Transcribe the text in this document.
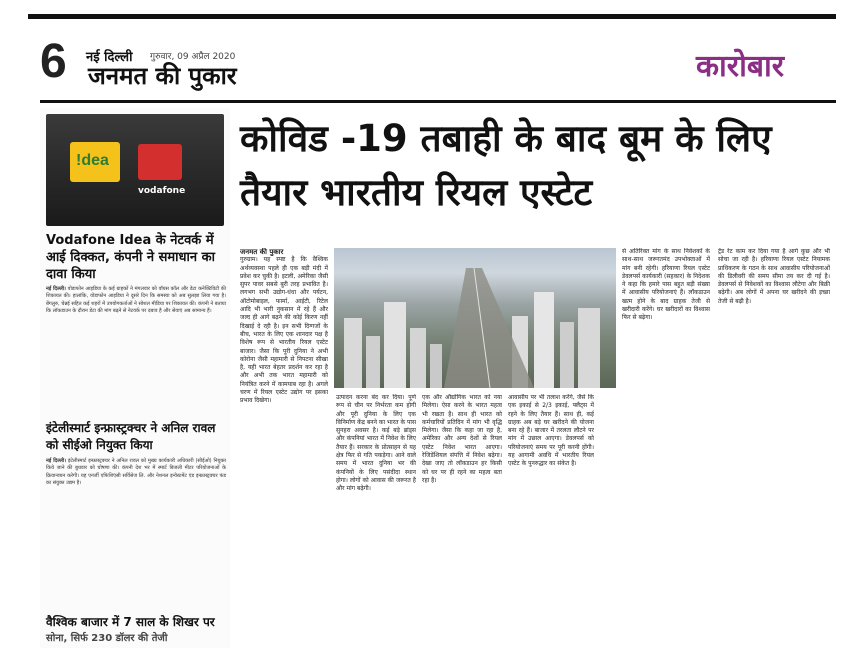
6 नई दिल्ली गुरुवार, 09 अप्रैल 2020
जनमत की पुकार	कारोबार
!dea
vodafone
Vodafone Idea के नेटवर्क में आई दिक्कत, कंपनी ने समाधान का दावा किया
नई दिल्ली। वोडाफोन आइडिया के कई ग्राहकों ने मंगलवार को वॉयस कॉल और डेटा कनेक्टिविटी की शिकायत की। हालांकि, वोडाफोन आइडिया ने दूसरे दिन कि समस्या को अब सुलझा लिया गया है। बेंगलुरु, चेन्नई सहित कई शहरों में उपयोगकर्ताओं ने सोशल मीडिया पर शिकायत की। कंपनी ने बताया कि लॉकडाउन के दौरान डेटा की मांग बढ़ने से नेटवर्क पर दबाव है और सेवाएं अब सामान्य हैं।
इंटेलीस्मार्ट इन्फ्रास्ट्रक्चर ने अनिल रावल को सीईओ नियुक्त किया
नई दिल्ली। इंटेलीस्मार्ट इन्फ्रास्ट्रक्चर ने अनिल रावल को मुख्य कार्यकारी अधिकारी (सीईओ) नियुक्त किये जाने की बुधवार को घोषणा की। कंपनी देश भर में स्मार्ट बिजली मीटर परियोजनाओं के क्रियान्वयन करेगी। यह एनर्जी एफिशिएंसी सर्विसेज लि. और नेशनल इन्वेस्टमेंट एंड इन्फ्रास्ट्रक्चर फंड का संयुक्त उद्यम है।
वैश्विक बाजार में 7 साल के शिखर पर
सोना, सिर्फ 230 डॉलर की तेजी
कोविड -19 तबाही के बाद बूम के लिए तैयार भारतीय रियल एस्टेट
जनमत की पुकार
गुरुग्राम। यह स्पष्ट है कि वैश्विक अर्थव्यवस्था पहले ही एक बड़ी मंदी में प्रवेश कर चुकी है। इटली, अमेरिका जैसी सुपर पावर सबसे बुरी तरह प्रभावित है। लगभग सभी उद्योग-धंधा और पर्यटन, ऑटोमोबाइल, फार्मा, आईटी, रिटेल आदि भी भारी नुकसान में रहे हैं और जल्द ही आगे बढ़ने की कोई किरण नहीं दिखाई दे रही है। इन सभी दिग्गजों के बीच, भारत के लिए एक शानदार पक्ष है विशेष रूप से भारतीय रियल एस्टेट बाजार। जैसा कि पूरी दुनिया ने अभी कोरोना जैसी महामारी से निपटना सीखा है, यही भारत बेहतर प्रदर्शन कर रहा है और अभी तक भारत महामारी को नियंत्रित करने में कामयाब रहा है। अगले चरण में रियल एस्टेट उद्योग पर इसका प्रभाव दिखेगा।	उत्पादन करना बंद कर दिया। पूर्ण रूप से चीन पर निर्भरता कम होगी और पूरी दुनिया के लिए एक विनिर्माण केंद्र बनने का भारत के पास सुनहरा अवसर है। कई बड़े ब्रांड्स और कंपनियां भारत में निवेश के लिए तैयार हैं। सरकार के प्रोत्साहन से यह क्षेत्र फिर से गति पकड़ेगा। आने वाले समय में भारत दुनिया भर की कंपनियों के लिए पसंदीदा स्थान होगा। लोगों को आवास की जरूरत है और मांग बढ़ेगी।
एक और औद्योगिक भारत को नया मिलेगा। ऐसा करने के भारत महत्व भी रखता है। साथ ही भारत को कर्मचारियों प्रतिदिन में मांग भी वृद्धि मिलेगा। जैसा कि कहा जा रहा है, अमेरिका और अन्य देशों से रियल एस्टेट निवेश भारत आएगा। रेजिडेंशियल संपत्ति में निवेश बढ़ेगा। देखा जाए तो लॉकडाउन हर किसी को घर पर ही रहने का महत्व बता रहा है।
आवासीय पर भी तलाश करेंगे, जैसे कि एक इकाई से 2/3 इकाई, फ्लैट्स में रहने के लिए तैयार हैं। साथ ही, कई ग्राहक अब बड़े घर खरीदने की योजना बना रहे हैं। बाजार में तरलता लौटने पर मांग में उछाल आएगा। डेवलपर्स को परियोजनाएं समय पर पूरी करनी होंगी। यह आगामी अवधि में भारतीय रियल एस्टेट के पुनरुद्धार का संकेत है।
से अतिरिक्त मांग के साथ निवेशकों के साथ-साथ जरूरतमंद उपभोक्ताओं में मांग बनी रहेगी। हरियाणा रियल एस्टेट डेवलपर्स कार्यकारी (सहकार) के निदेशक ने कहा कि हमारे पास बहुत बड़ी संख्या में आवासीय परियोजनाएं हैं। लॉकडाउन खत्म होने के बाद ग्राहक तेजी से खरीदारी करेंगे। घर खरीदारों का विश्वास फिर से बढ़ेगा।
ट्रेंड रेट काम कर दिया गया है आगे कुछ और भी सोचा जा रही है। हरियाणा रियल एस्टेट नियामक प्राधिकरण के गठन के साथ आवासीय परियोजनाओं की डिलीवरी की समय सीमा तय कर दी गई है। डेवलपर्स से निवेशकों का विश्वास लौटेगा और बिक्री बढ़ेगी। अब लोगों में अपना घर खरीदने की इच्छा तेजी से बढ़ी है।
